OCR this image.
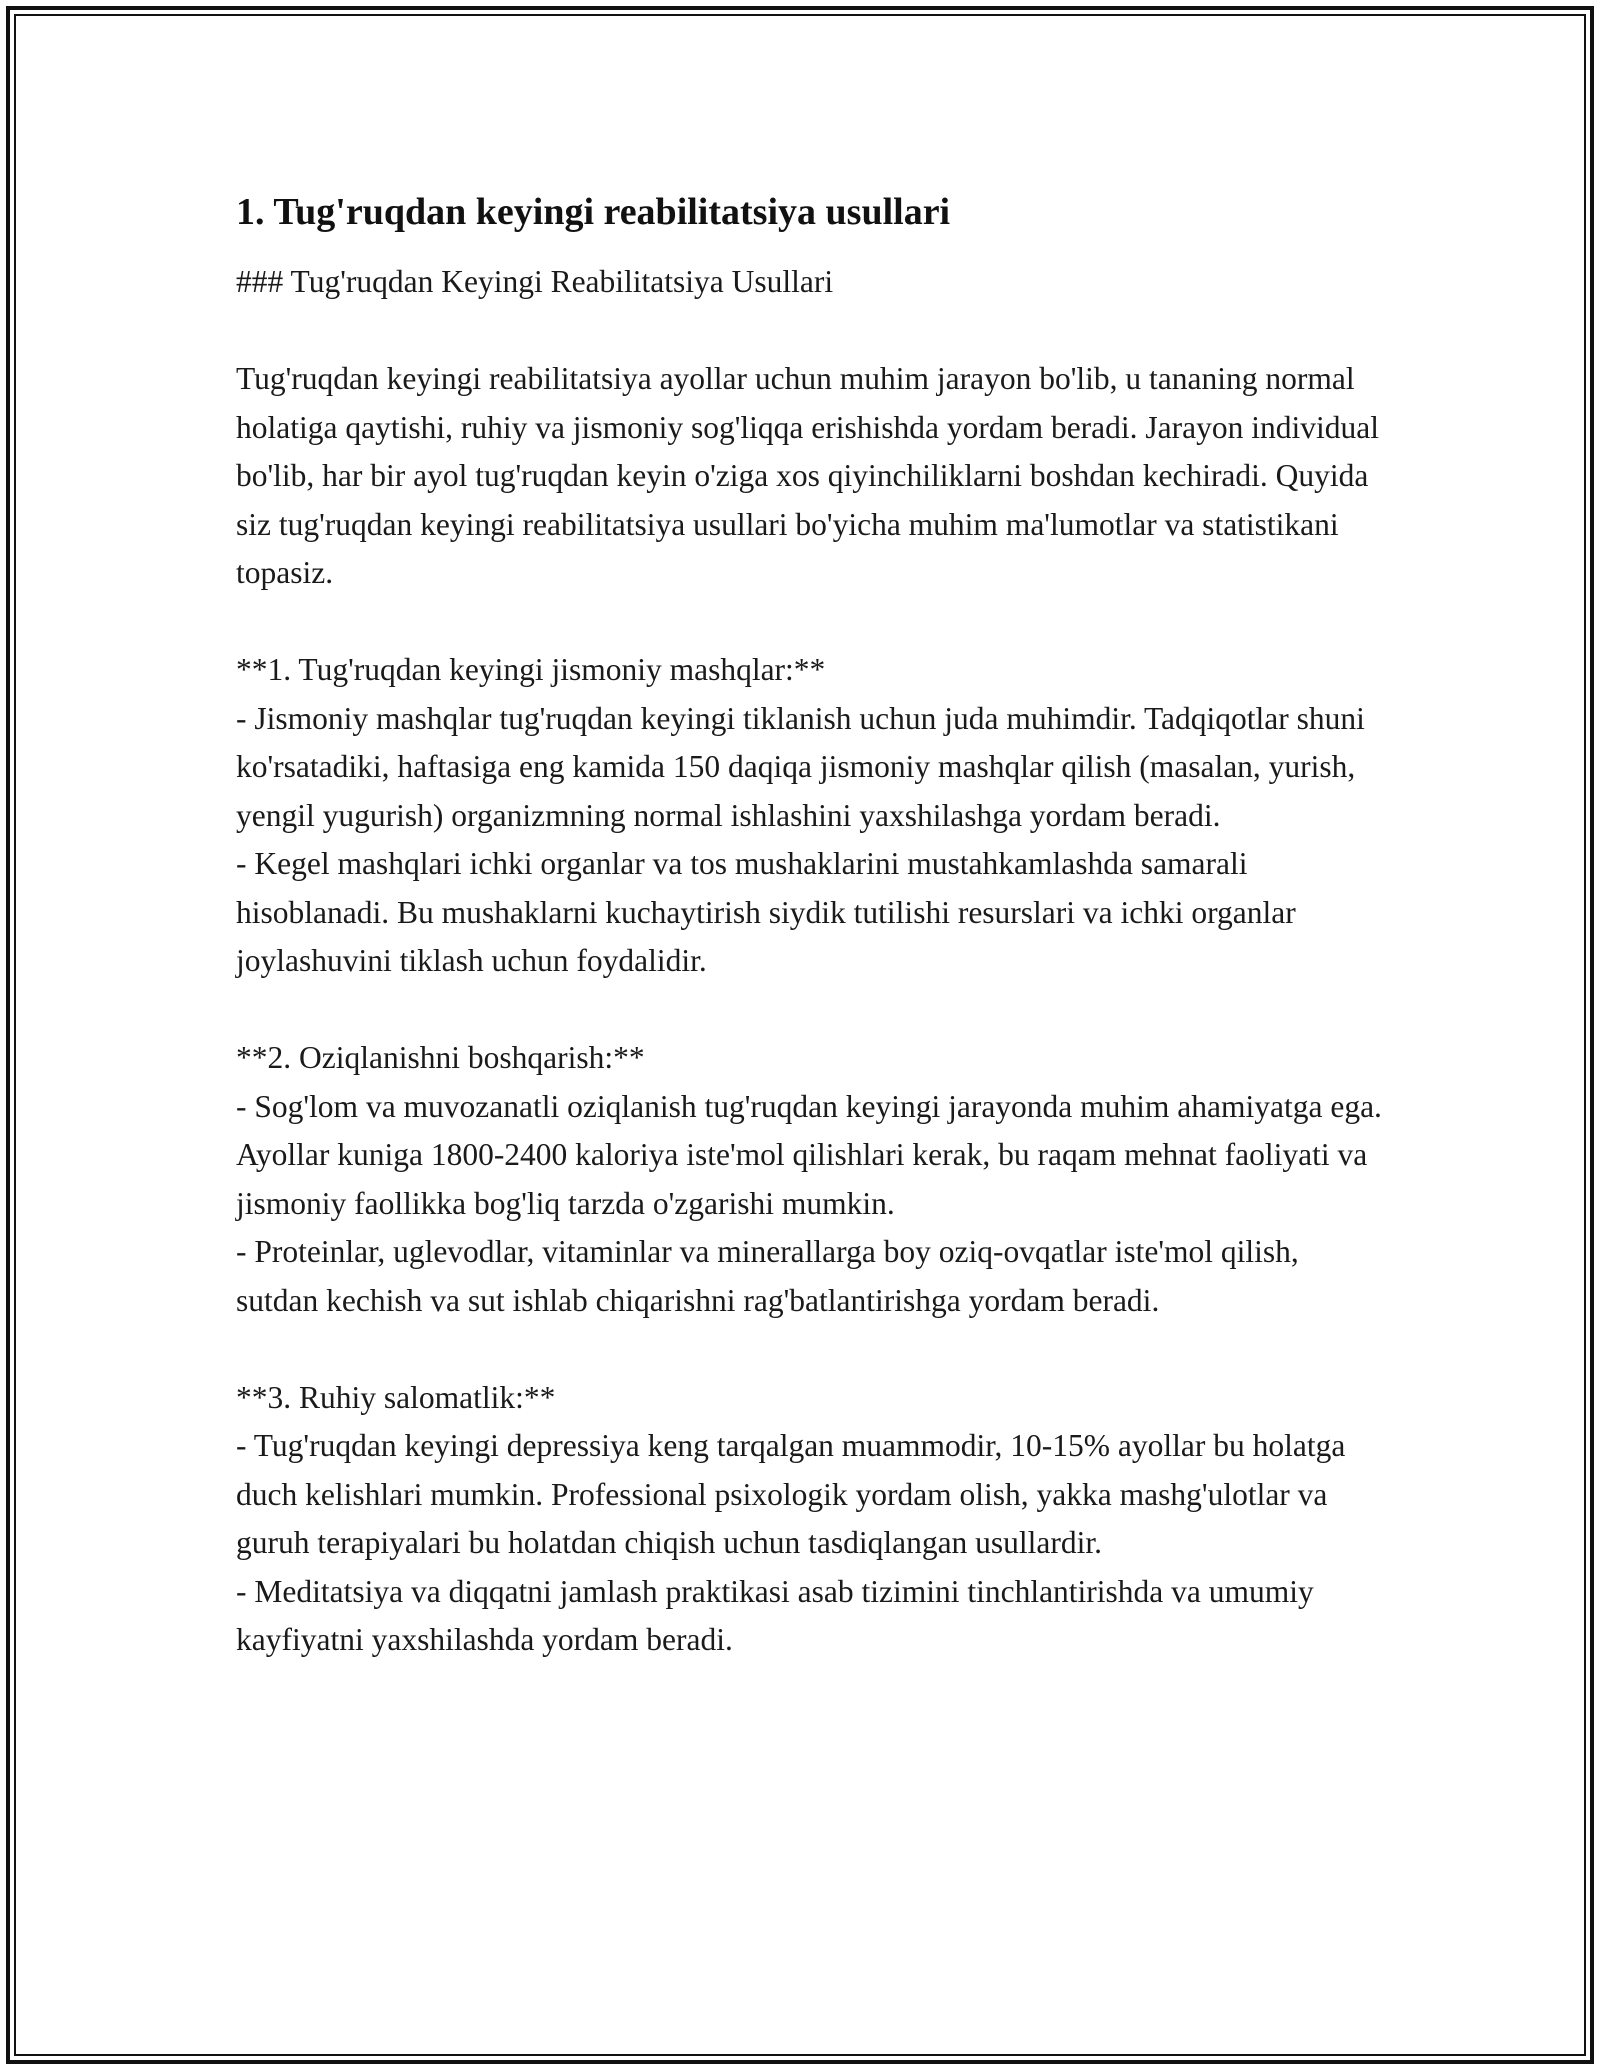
1. Tug'ruqdan keyingi reabilitatsiya usullari

### Tug'ruqdan Keyingi Reabilitatsiya Usullari

Tug'ruqdan keyingi reabilitatsiya ayollar uchun muhim jarayon bo'lib, u tananing normal holatiga qaytishi, ruhiy va jismoniy sog'liqqa erishishda yordam beradi. Jarayon individual bo'lib, har bir ayol tug'ruqdan keyin o'ziga xos qiyinchiliklarni boshdan kechiradi. Quyida siz tug'ruqdan keyingi reabilitatsiya usullari bo'yicha muhim ma'lumotlar va statistikani topasiz.

**1. Tug'ruqdan keyingi jismoniy mashqlar:**

- Jismoniy mashqlar tug'ruqdan keyingi tiklanish uchun juda muhimdir. Tadqiqotlar shuni ko'rsatadiki, haftasiga eng kamida 150 daqiqa jismoniy mashqlar qilish (masalan, yurish, yengil yugurish) organizmning normal ishlashini yaxshilashga yordam beradi.

- Kegel mashqlari ichki organlar va tos mushaklarini mustahkamlashda samarali hisoblanadi. Bu mushaklarni kuchaytirish siydik tutilishi resurslari va ichki organlar joylashuvini tiklash uchun foydalidir.

**2. Oziqlanishni boshqarish:**

- Sog'lom va muvozanatli oziqlanish tug'ruqdan keyingi jarayonda muhim ahamiyatga ega. Ayollar kuniga 1800-2400 kaloriya iste'mol qilishlari kerak, bu raqam mehnat faoliyati va jismoniy faollikka bog'liq tarzda o'zgarishi mumkin.

- Proteinlar, uglevodlar, vitaminlar va minerallarga boy oziq-ovqatlar iste'mol qilish, sutdan kechish va sut ishlab chiqarishni rag'batlantirishga yordam beradi.

**3. Ruhiy salomatlik:**

- Tug'ruqdan keyingi depressiya keng tarqalgan muammodir, 10-15% ayollar bu holatga duch kelishlari mumkin. Professional psixologik yordam olish, yakka mashg'ulotlar va guruh terapiyalari bu holatdan chiqish uchun tasdiqlangan usullardir.

- Meditatsiya va diqqatni jamlash praktikasi asab tizimini tinchlantirishda va umumiy kayfiyatni yaxshilashda yordam beradi.
